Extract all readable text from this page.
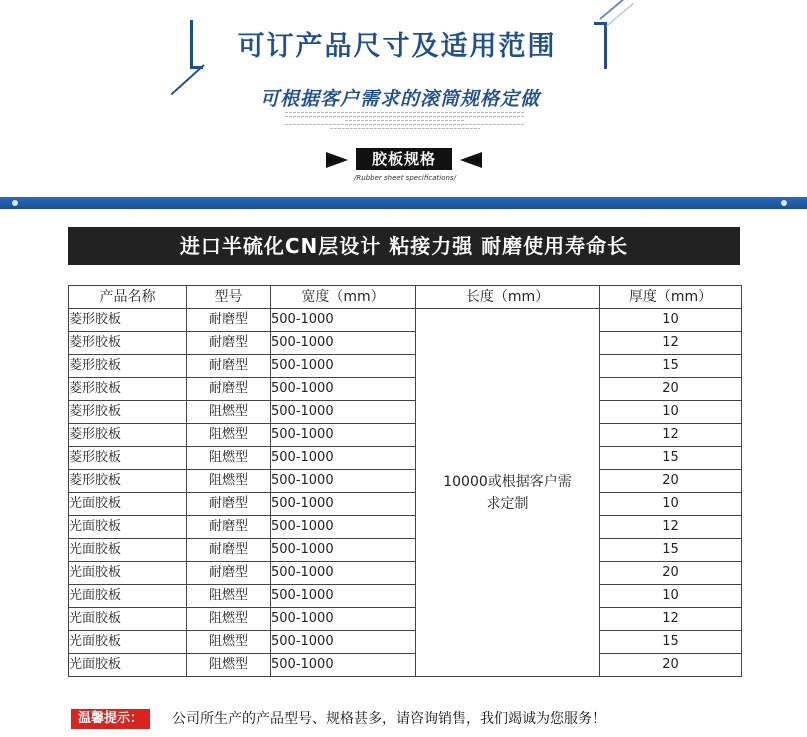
可订产品尺寸及适用范围
可根据客户需求的滚筒规格定做
胶板规格
/Rubber sheet specifications/
进口半硫化CN层设计 粘接力强 耐磨使用寿命长
产品名称	型号	宽度（mm）	长度（mm）	厚度（mm）
菱形胶板	耐磨型	500-1000	10000或根据客户需求定制	10
菱形胶板	耐磨型	500-1000		12
菱形胶板	耐磨型	500-1000		15
菱形胶板	耐磨型	500-1000		20
菱形胶板	阻燃型	500-1000		10
菱形胶板	阻燃型	500-1000		12
菱形胶板	阻燃型	500-1000		15
菱形胶板	阻燃型	500-1000		20
光面胶板	耐磨型	500-1000		10
光面胶板	耐磨型	500-1000		12
光面胶板	耐磨型	500-1000		15
光面胶板	耐磨型	500-1000		20
光面胶板	阻燃型	500-1000		10
光面胶板	阻燃型	500-1000		12
光面胶板	阻燃型	500-1000		15
光面胶板	阻燃型	500-1000		20
温馨提示：	公司所生产的产品型号、规格甚多，请咨询销售，我们竭诚为您服务！
